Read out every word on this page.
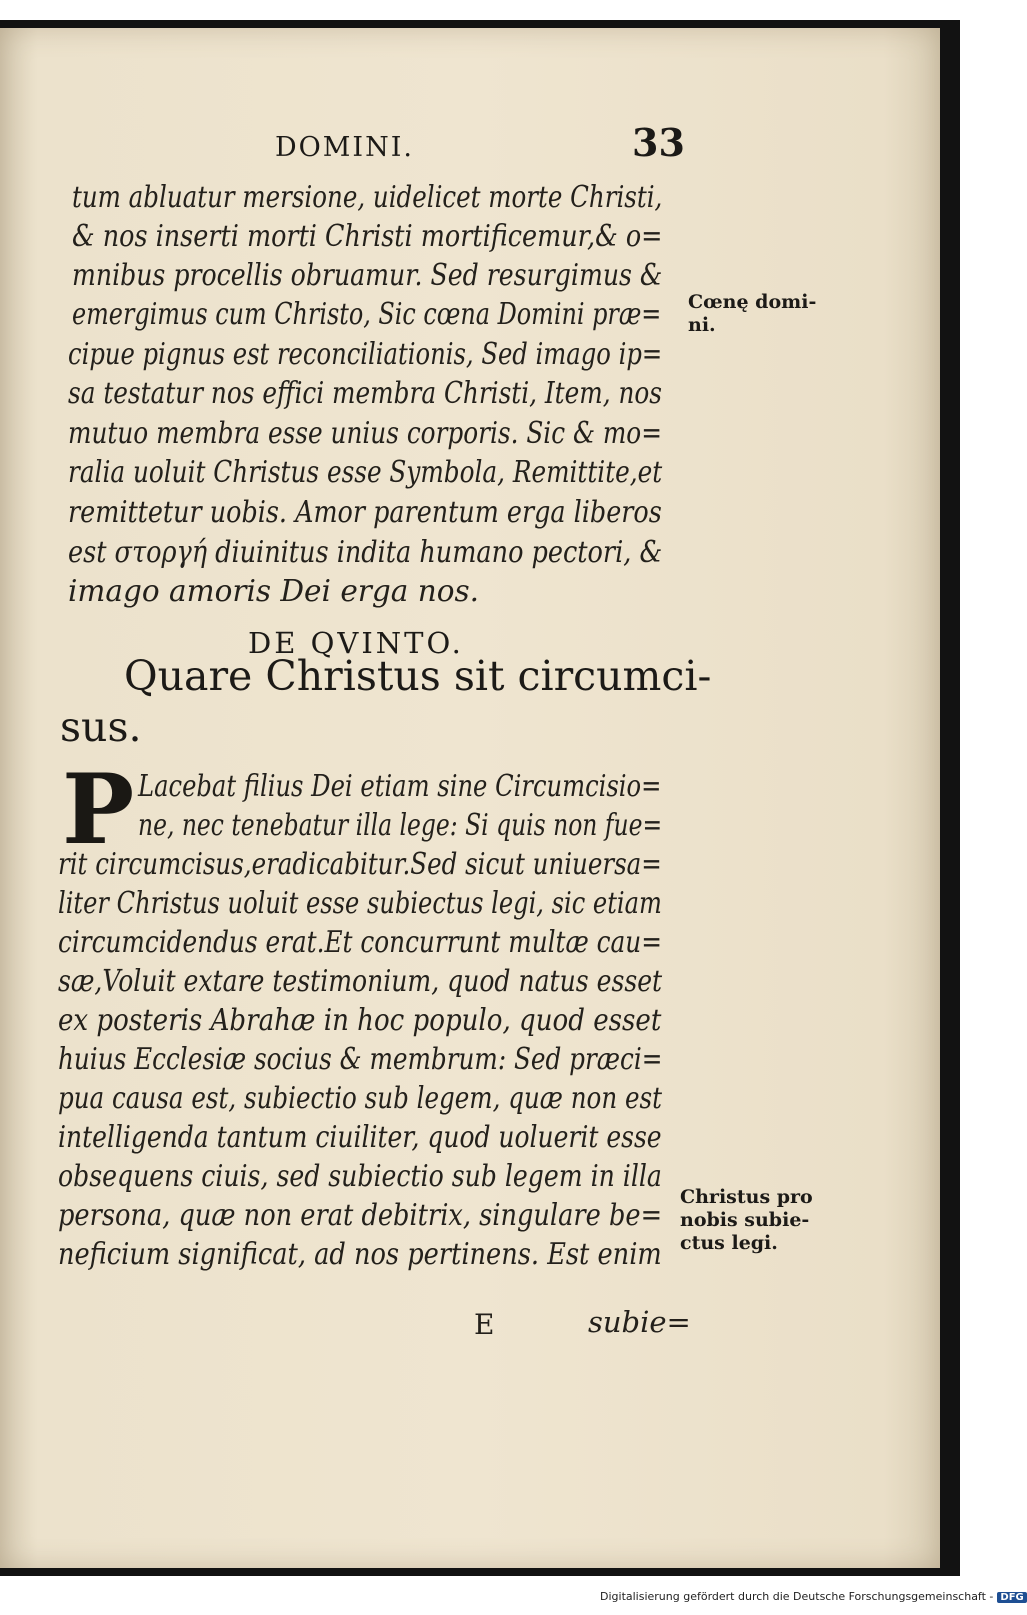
DOMINI.	33
tum abluatur mersione, uidelicet morte Christi,
& nos inserti morti Christi mortificemur,& o=
mnibus procellis obruamur. Sed resurgimus &
emergimus cum Christo, Sic cœna Domini præ=
cipue pignus est reconciliationis, Sed imago ip=
sa testatur nos effici membra Christi, Item, nos
mutuo membra esse unius corporis. Sic & mo=
ralia uoluit Christus esse Symbola, Remittite,et
remittetur uobis. Amor parentum erga liberos
est στοργή diuinitus indita humano pectori, &
imago amoris Dei erga nos.
DE QVINTO.
Quare Christus sit circumci-
sus.
P Lacebat filius Dei etiam sine Circumcisio=
ne, nec tenebatur illa lege: Si quis non fue=
rit circumcisus,eradicabitur.Sed sicut uniuersa=
liter Christus uoluit esse subiectus legi, sic etiam
circumcidendus erat.Et concurrunt multæ cau=
sæ,Voluit extare testimonium, quod natus esset
ex posteris Abrahæ in hoc populo, quod esset
huius Ecclesiæ socius & membrum: Sed præci=
pua causa est, subiectio sub legem, quæ non est
intelligenda tantum ciuiliter, quod uoluerit esse
obsequens ciuis, sed subiectio sub legem in illa
persona, quæ non erat debitrix, singulare be=
neficium significat, ad nos pertinens. Est enim
Cœnę domi-
ni.
Christus pro
nobis subie-
ctus legi.
E	subie=
Digitalisierung gefördert durch die Deutsche Forschungsgemeinschaft - DFG
